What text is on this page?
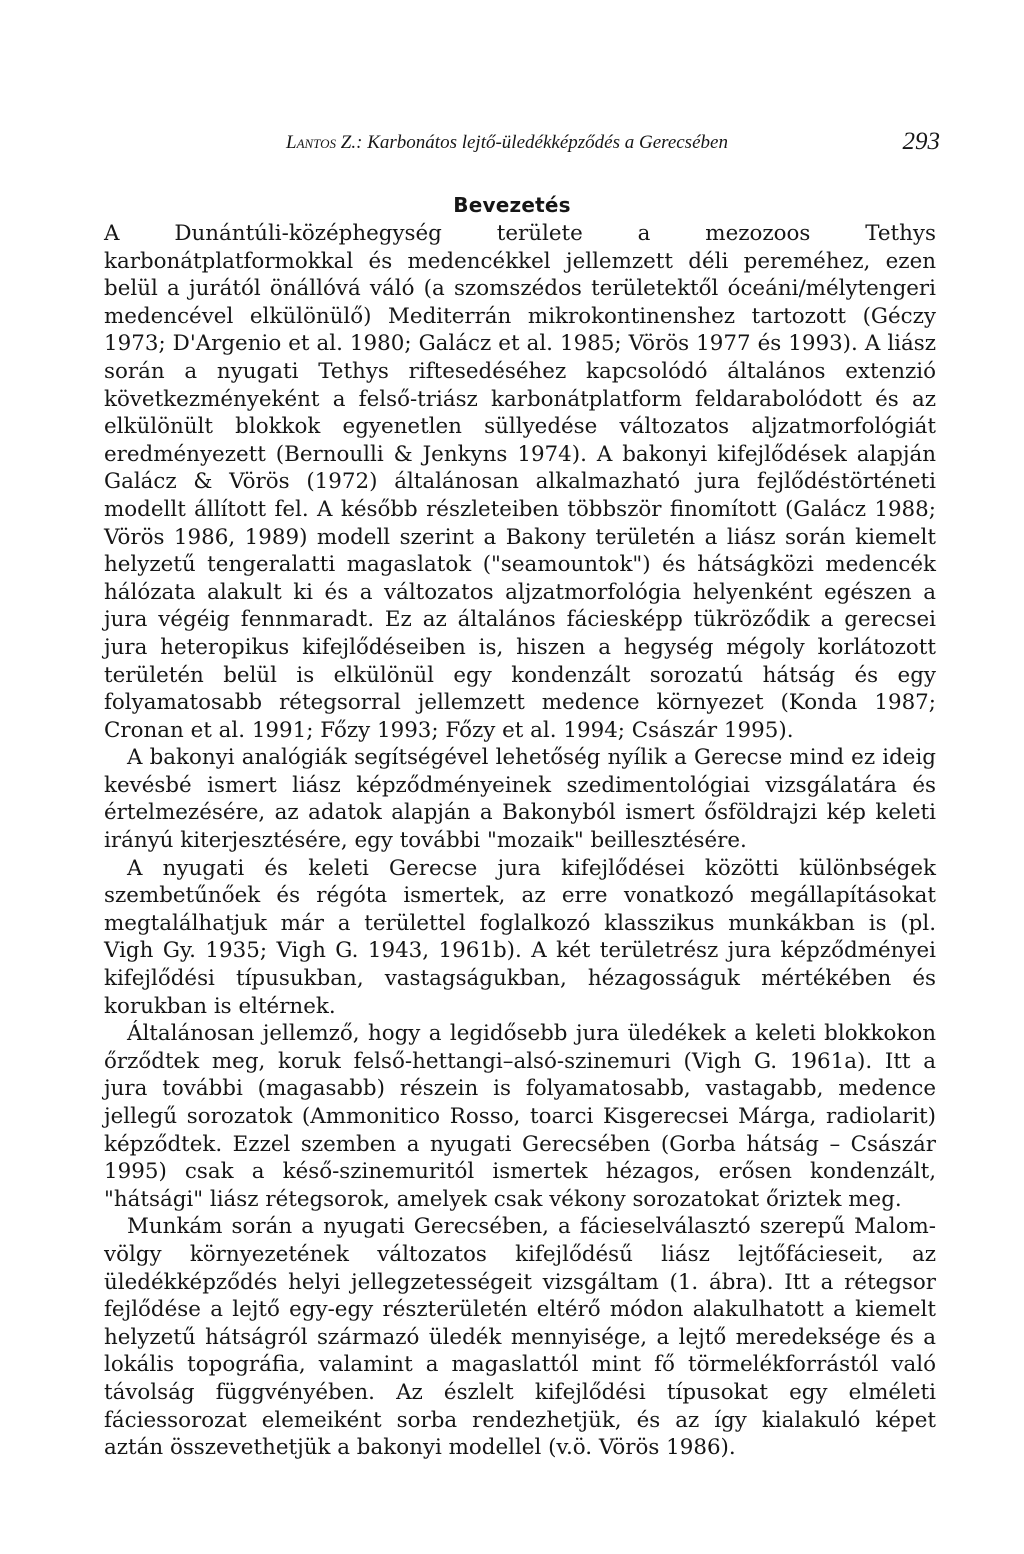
Lantos Z.: Karbonátos lejtő-üledékképződés a Gerecsében	293
Bevezetés

A Dunántúli-középhegység területe a mezozoos Tethys karbonátplatformokkal és medencékkel jellemzett déli pereméhez, ezen belül a jurától önállóvá váló (a szomszédos területektől óceáni/mélytengeri medencével elkülönülő) Mediterrán mikrokontinenshez tartozott (Géczy 1973; D'Argenio et al. 1980; Galácz et al. 1985; Vörös 1977 és 1993). A liász során a nyugati Tethys riftesedéséhez kapcsolódó általános extenzió következményeként a felső-triász karbonátplatform feldarabolódott és az elkülönült blokkok egyenetlen süllyedése változatos aljzatmorfológiát eredményezett (Bernoulli & Jenkyns 1974). A bakonyi kifejlődések alapján Galácz & Vörös (1972) általánosan alkalmazható jura fejlődéstörténeti modellt állított fel. A később részleteiben többször finomított (Galácz 1988; Vörös 1986, 1989) modell szerint a Bakony területén a liász során kiemelt helyzetű tengeralatti magaslatok ("seamountok") és hátságközi medencék hálózata alakult ki és a változatos aljzatmorfológia helyenként egészen a jura végéig fennmaradt. Ez az általános fáciesképp tükröződik a gerecsei jura heteropikus kifejlődéseiben is, hiszen a hegység mégoly korlátozott területén belül is elkülönül egy kondenzált sorozatú hátság és egy folyamatosabb rétegsorral jellemzett medence környezet (Konda 1987; Cronan et al. 1991; Főzy 1993; Főzy et al. 1994; Császár 1995).

A bakonyi analógiák segítségével lehetőség nyílik a Gerecse mind ez ideig kevésbé ismert liász képződményeinek szedimentológiai vizsgálatára és értelmezésére, az adatok alapján a Bakonyból ismert ősföldrajzi kép keleti irányú kiterjesztésére, egy további "mozaik" beillesztésére.

A nyugati és keleti Gerecse jura kifejlődései közötti különbségek szembetűnőek és régóta ismertek, az erre vonatkozó megállapításokat megtalálhatjuk már a területtel foglalkozó klasszikus munkákban is (pl. Vigh Gy. 1935; Vigh G. 1943, 1961b). A két területrész jura képződményei kifejlődési típusukban, vastagságukban, hézagosságuk mértékében és korukban is eltérnek.

Általánosan jellemző, hogy a legidősebb jura üledékek a keleti blokkokon őrződtek meg, koruk felső-hettangi–alsó-szinemuri (Vigh G. 1961a). Itt a jura további (magasabb) részein is folyamatosabb, vastagabb, medence jellegű sorozatok (Ammonitico Rosso, toarci Kisgerecsei Márga, radiolarit) képződtek. Ezzel szemben a nyugati Gerecsében (Gorba hátság – Császár 1995) csak a késő-szinemuritól ismertek hézagos, erősen kondenzált, "hátsági" liász rétegsorok, amelyek csak vékony sorozatokat őriztek meg.

Munkám során a nyugati Gerecsében, a fácieselválasztó szerepű Malom-völgy környezetének változatos kifejlődésű liász lejtőfácieseit, az üledékképződés helyi jellegzetességeit vizsgáltam (1. ábra). Itt a rétegsor fejlődése a lejtő egy-egy részterületén eltérő módon alakulhatott a kiemelt helyzetű hátságról származó üledék mennyisége, a lejtő meredeksége és a lokális topográfia, valamint a magaslattól mint fő törmelékforrástól való távolság függvényében. Az észlelt kifejlődési típusokat egy elméleti fáciessorozat elemeiként sorba rendezhetjük, és az így kialakuló képet aztán összevethetjük a bakonyi modellel (v.ö. Vörös 1986).
